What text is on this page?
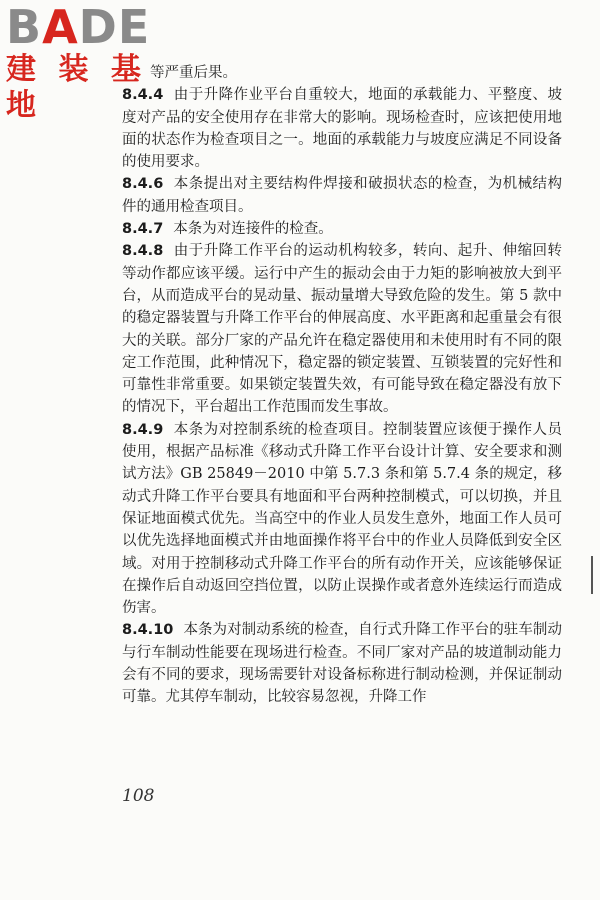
BADE
建 装 基 地

等严重后果。

8.4.4 由于升降作业平台自重较大，地面的承载能力、平整度、坡度对产品的安全使用存在非常大的影响。现场检查时，应该把使用地面的状态作为检查项目之一。地面的承载能力与坡度应满足不同设备的使用要求。

8.4.6 本条提出对主要结构件焊接和破损状态的检查，为机械结构件的通用检查项目。

8.4.7 本条为对连接件的检查。

8.4.8 由于升降工作平台的运动机构较多，转向、起升、伸缩回转等动作都应该平缓。运行中产生的振动会由于力矩的影响被放大到平台，从而造成平台的晃动量、振动量增大导致危险的发生。第 5 款中的稳定器装置与升降工作平台的伸展高度、水平距离和起重量会有很大的关联。部分厂家的产品允许在稳定器使用和未使用时有不同的限定工作范围，此种情况下，稳定器的锁定装置、互锁装置的完好性和可靠性非常重要。如果锁定装置失效，有可能导致在稳定器没有放下的情况下，平台超出工作范围而发生事故。

8.4.9 本条为对控制系统的检查项目。控制装置应该便于操作人员使用，根据产品标准《移动式升降工作平台设计计算、安全要求和测试方法》GB 25849－2010 中第 5.7.3 条和第 5.7.4 条的规定，移动式升降工作平台要具有地面和平台两种控制模式，可以切换，并且保证地面模式优先。当高空中的作业人员发生意外，地面工作人员可以优先选择地面模式并由地面操作将平台中的作业人员降低到安全区域。对用于控制移动式升降工作平台的所有动作开关，应该能够保证在操作后自动返回空挡位置，以防止误操作或者意外连续运行而造成伤害。

8.4.10 本条为对制动系统的检查，自行式升降工作平台的驻车制动与行车制动性能要在现场进行检查。不同厂家对产品的坡道制动能力会有不同的要求，现场需要针对设备标称进行制动检测，并保证制动可靠。尤其停车制动，比较容易忽视，升降工作

108
